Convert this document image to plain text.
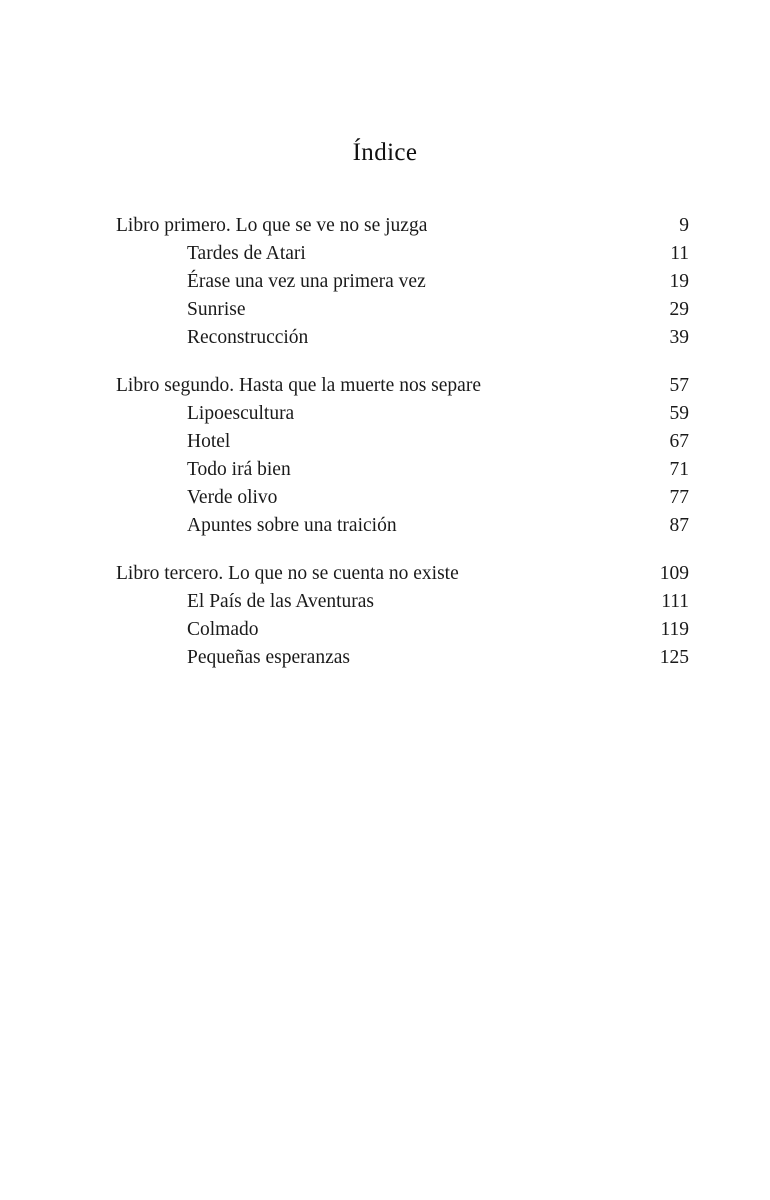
Índice
Libro primero. Lo que se ve no se juzga	9
Tardes de Atari	11
Érase una vez una primera vez	19
Sunrise	29
Reconstrucción	39
Libro segundo. Hasta que la muerte nos separe	57
Lipoescultura	59
Hotel	67
Todo irá bien	71
Verde olivo	77
Apuntes sobre una traición	87
Libro tercero. Lo que no se cuenta no existe	109
El País de las Aventuras	111
Colmado	119
Pequeñas esperanzas	125
